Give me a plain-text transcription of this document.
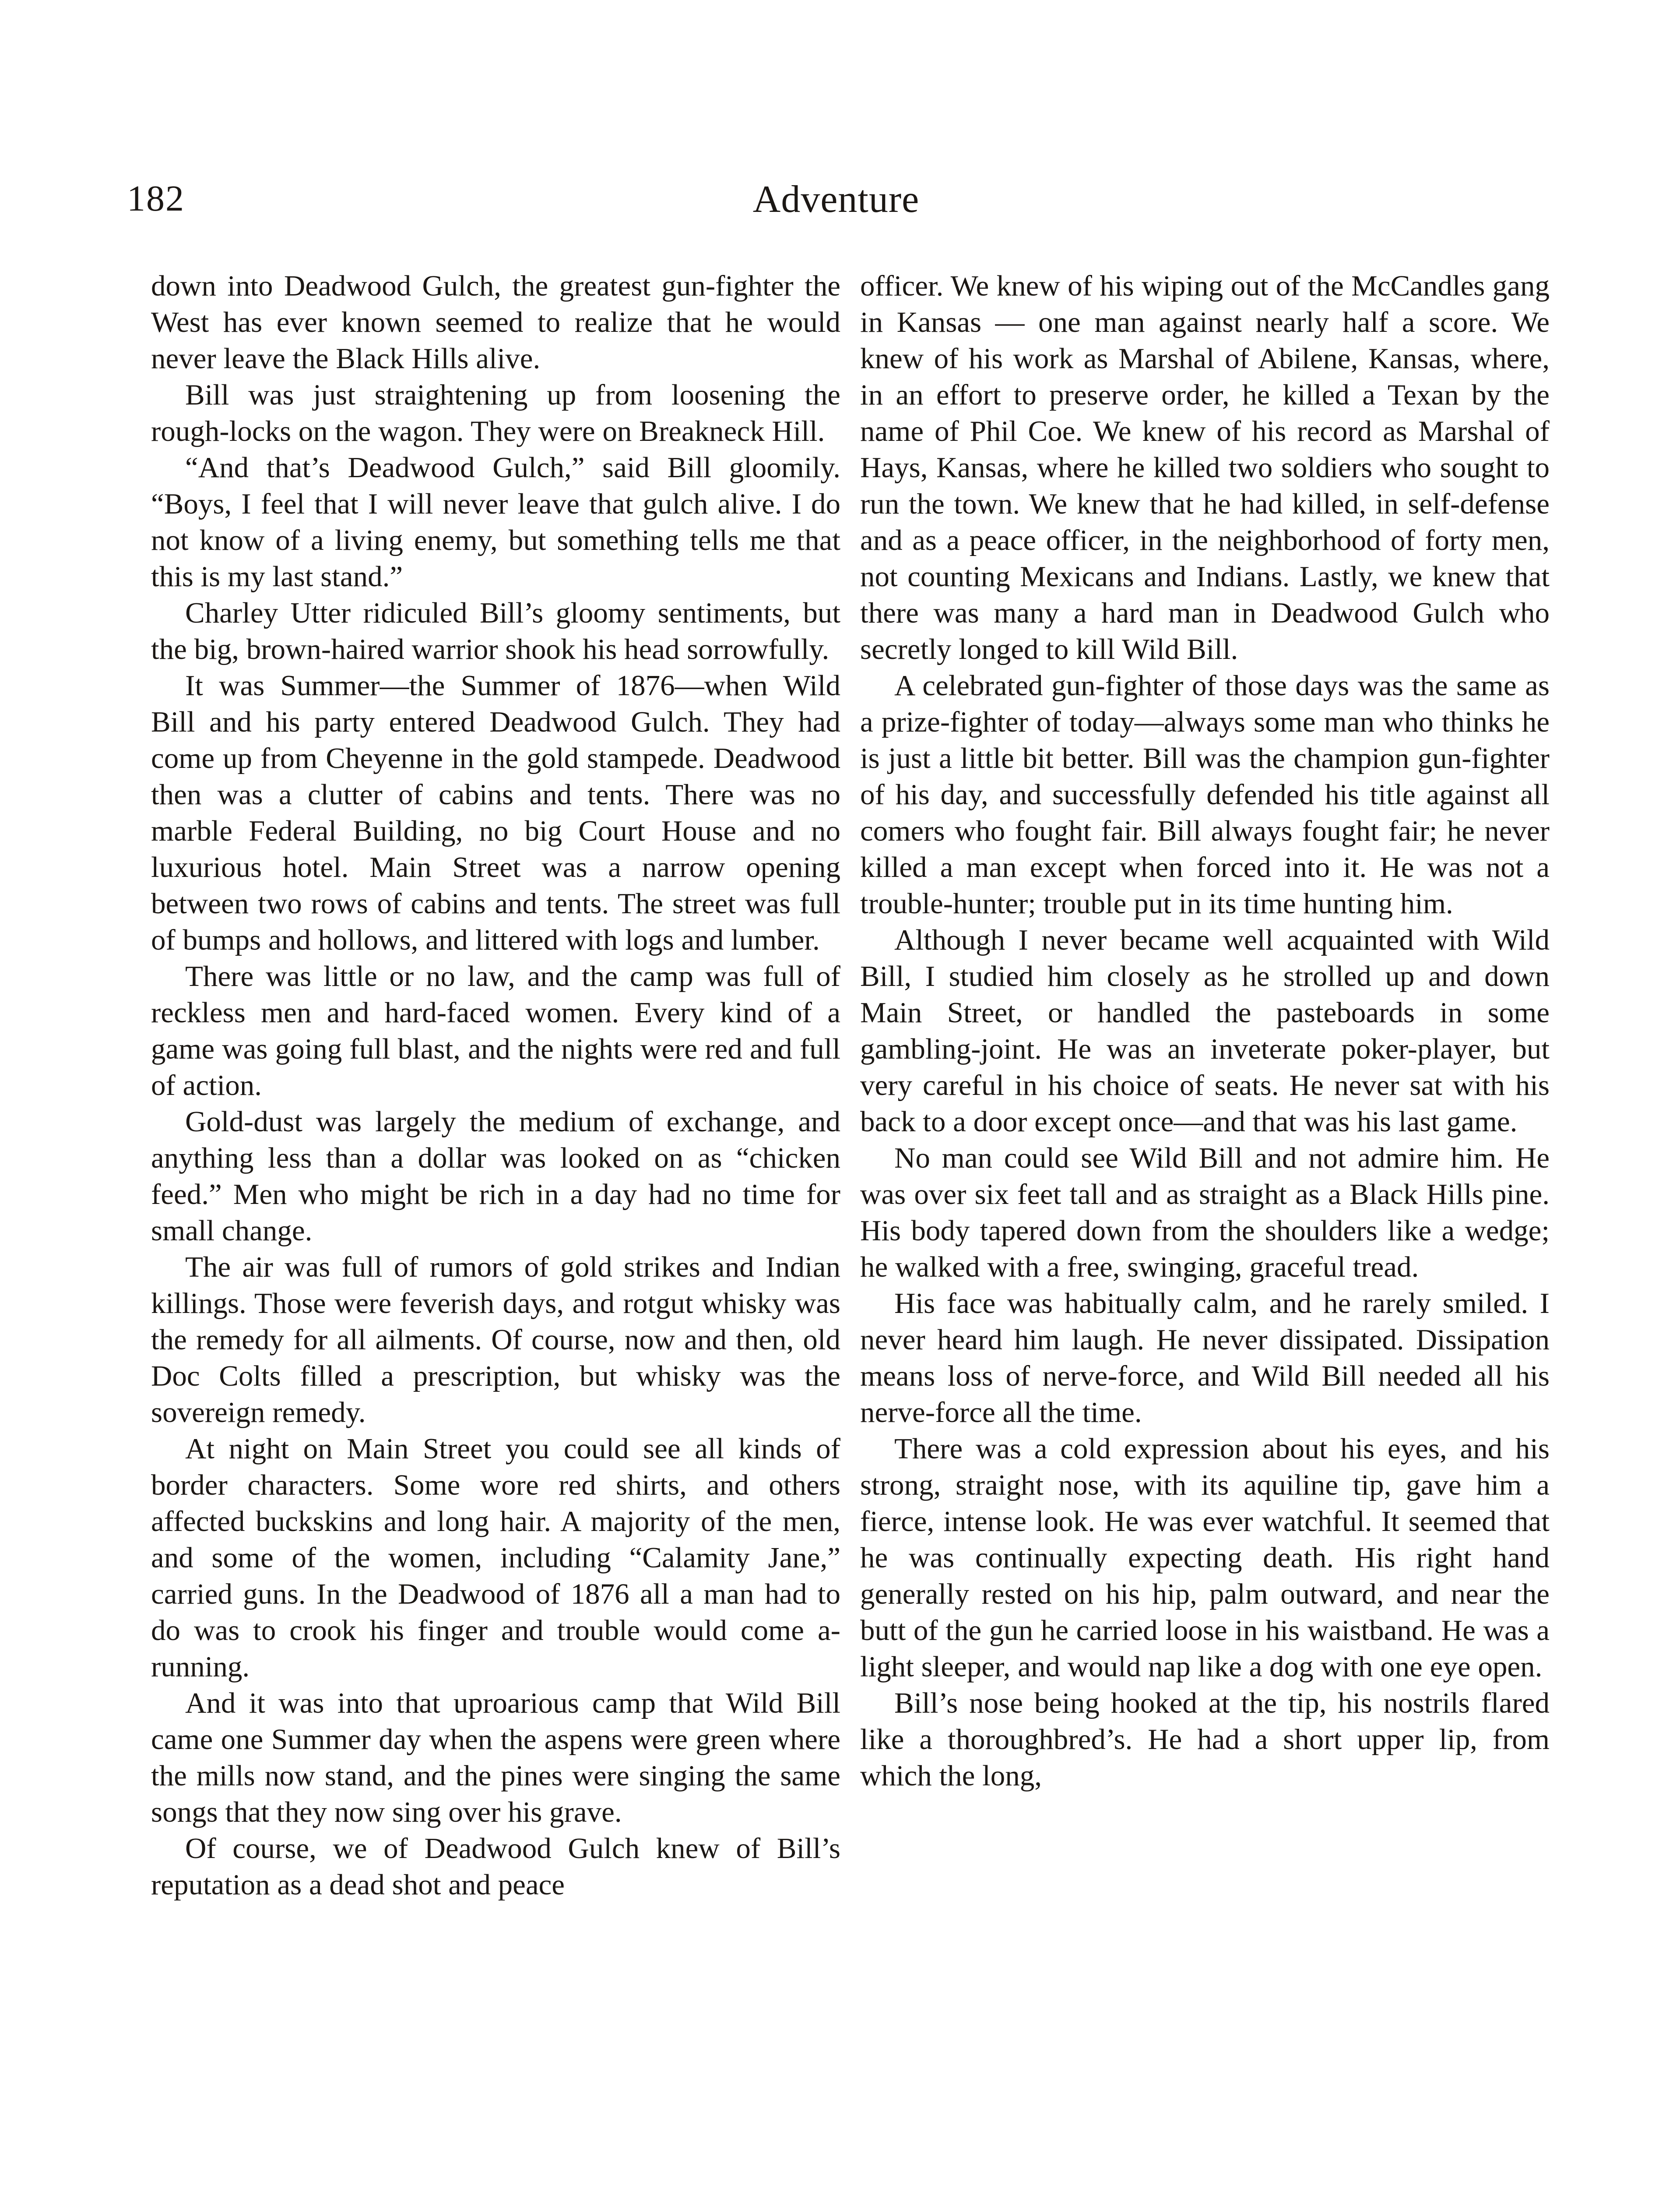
182	Adventure

down into Deadwood Gulch, the greatest gun-fighter the West has ever known seemed to realize that he would never leave the Black Hills alive.

Bill was just straightening up from loosening the rough-locks on the wagon. They were on Breakneck Hill.

“And that’s Deadwood Gulch,” said Bill gloomily. “Boys, I feel that I will never leave that gulch alive. I do not know of a living enemy, but something tells me that this is my last stand.”

Charley Utter ridiculed Bill’s gloomy sentiments, but the big, brown-haired warrior shook his head sorrowfully.

It was Summer—the Summer of 1876—when Wild Bill and his party entered Deadwood Gulch. They had come up from Cheyenne in the gold stampede. Deadwood then was a clutter of cabins and tents. There was no marble Federal Building, no big Court House and no luxurious hotel. Main Street was a narrow opening between two rows of cabins and tents. The street was full of bumps and hollows, and littered with logs and lumber.

There was little or no law, and the camp was full of reckless men and hard-faced women. Every kind of a game was going full blast, and the nights were red and full of action.

Gold-dust was largely the medium of exchange, and anything less than a dollar was looked on as “chicken feed.” Men who might be rich in a day had no time for small change.

The air was full of rumors of gold strikes and Indian killings. Those were feverish days, and rotgut whisky was the remedy for all ailments. Of course, now and then, old Doc Colts filled a prescription, but whisky was the sovereign remedy.

At night on Main Street you could see all kinds of border characters. Some wore red shirts, and others affected buckskins and long hair. A majority of the men, and some of the women, including “Calamity Jane,” carried guns. In the Deadwood of 1876 all a man had to do was to crook his finger and trouble would come a-running.

And it was into that uproarious camp that Wild Bill came one Summer day when the aspens were green where the mills now stand, and the pines were singing the same songs that they now sing over his grave.

Of course, we of Deadwood Gulch knew of Bill’s reputation as a dead shot and peace

officer. We knew of his wiping out of the McCandles gang in Kansas — one man against nearly half a score. We knew of his work as Marshal of Abilene, Kansas, where, in an effort to preserve order, he killed a Texan by the name of Phil Coe. We knew of his record as Marshal of Hays, Kansas, where he killed two soldiers who sought to run the town. We knew that he had killed, in self-defense and as a peace officer, in the neighborhood of forty men, not counting Mexicans and Indians. Lastly, we knew that there was many a hard man in Deadwood Gulch who secretly longed to kill Wild Bill.

A celebrated gun-fighter of those days was the same as a prize-fighter of today—always some man who thinks he is just a little bit better. Bill was the champion gun-fighter of his day, and successfully defended his title against all comers who fought fair. Bill always fought fair; he never killed a man except when forced into it. He was not a trouble-hunter; trouble put in its time hunting him.

Although I never became well acquainted with Wild Bill, I studied him closely as he strolled up and down Main Street, or handled the pasteboards in some gambling-joint. He was an inveterate poker-player, but very careful in his choice of seats. He never sat with his back to a door except once—and that was his last game.

No man could see Wild Bill and not admire him. He was over six feet tall and as straight as a Black Hills pine. His body tapered down from the shoulders like a wedge; he walked with a free, swinging, graceful tread.

His face was habitually calm, and he rarely smiled. I never heard him laugh. He never dissipated. Dissipation means loss of nerve-force, and Wild Bill needed all his nerve-force all the time.

There was a cold expression about his eyes, and his strong, straight nose, with its aquiline tip, gave him a fierce, intense look. He was ever watchful. It seemed that he was continually expecting death. His right hand generally rested on his hip, palm outward, and near the butt of the gun he carried loose in his waistband. He was a light sleeper, and would nap like a dog with one eye open.

Bill’s nose being hooked at the tip, his nostrils flared like a thoroughbred’s. He had a short upper lip, from which the long,
